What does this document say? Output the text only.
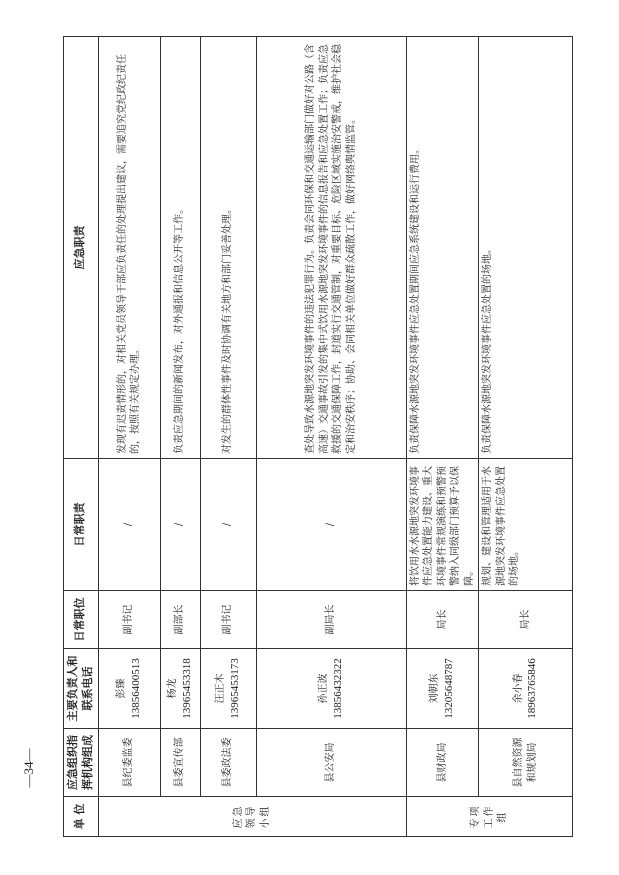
单 位	应急组织指挥机构组成	主要负责人和联系电话	日常职位	日常职责	应急职责
应急领导小组	县纪委监委	彭臻 13856400513	副书记	/	发现有迟责情形的，对相关党员领导干部应负责任的处理提出建议，需要追究党纪政纪责任的，按照有关规定办理。
	县委宣传部	杨龙 13965453318	副部长	/	负责应急期间的新闻发布，对外通报和信息公开等工作。
	县委政法委	汪正木 13965453173	副书记	/	对发生的群体性事件及时协调有关地方和部门妥善处理。
	县公安局	孙正波 13856432322	副局长	/	查处导致水源地突发环境事件的违法犯罪行为。负责会同环保和交通运输部门做好对公路（含高速）交通事故引发的集中式饮用水源地突发环境事件的信息报告和应急处置工作；负责应急救援的交通保障工作，封道实行交通管制，对重要目标、危险区域实施治安警戒，维护社会稳定和治安秩序；协助、会同相关单位做好群众疏散工作，做好网络舆情监管。
专项工作组	县财政局	刘朝东 13205648787	局长	将饮用水水源地突发环境事件应急处置能力建设、重大环境事件常规演练和预警预警纳入同级部门预算予以保障。	负责保障水源地突发环境事件应急处置期间应急系统建设和运行费用。
	县自然资源和规划局	余小春 18963765846	局长	规划、建设和管理适用于水源地突发环境事件应急处置的场地。	负责保障水源地突发环境事件应急处置的场地。
—34—
